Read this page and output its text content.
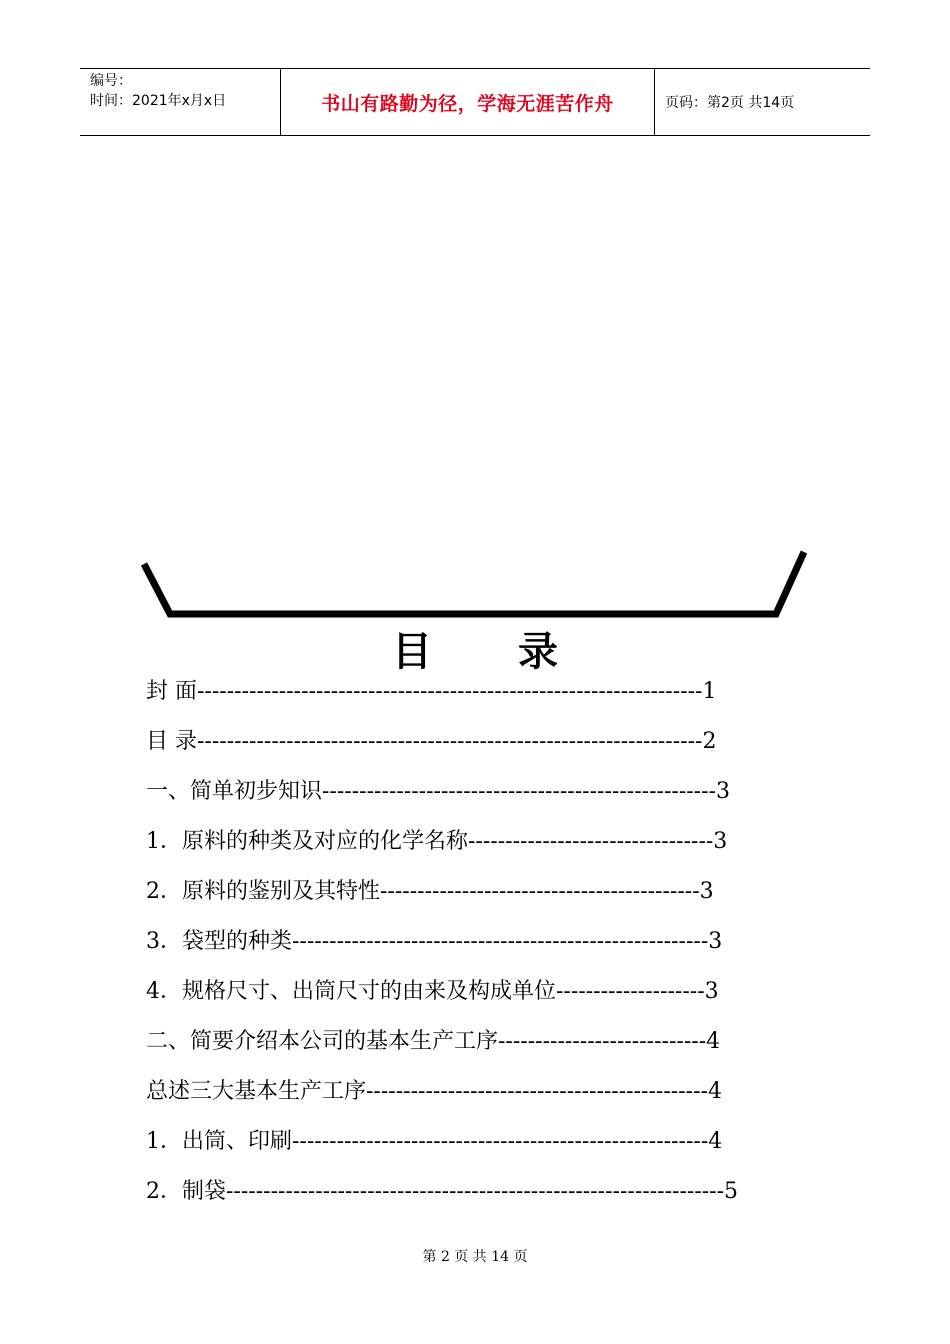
编号：
时间：2021年x月x日	书山有路勤为径，学海无涯苦作舟	页码：第2页 共14页
目 录
封 面--------------------------------------------------------------------1
目 录--------------------------------------------------------------------2
一、简单初步知识-----------------------------------------------------3
1．原料的种类及对应的化学名称---------------------------------3
2．原料的鉴别及其特性-------------------------------------------3
3．袋型的种类--------------------------------------------------------3
4．规格尺寸、出筒尺寸的由来及构成单位--------------------3
二、简要介绍本公司的基本生产工序----------------------------4
总述三大基本生产工序----------------------------------------------4
1．出筒、印刷--------------------------------------------------------4
2．制袋-------------------------------------------------------------------5
第 2 页 共 14 页
